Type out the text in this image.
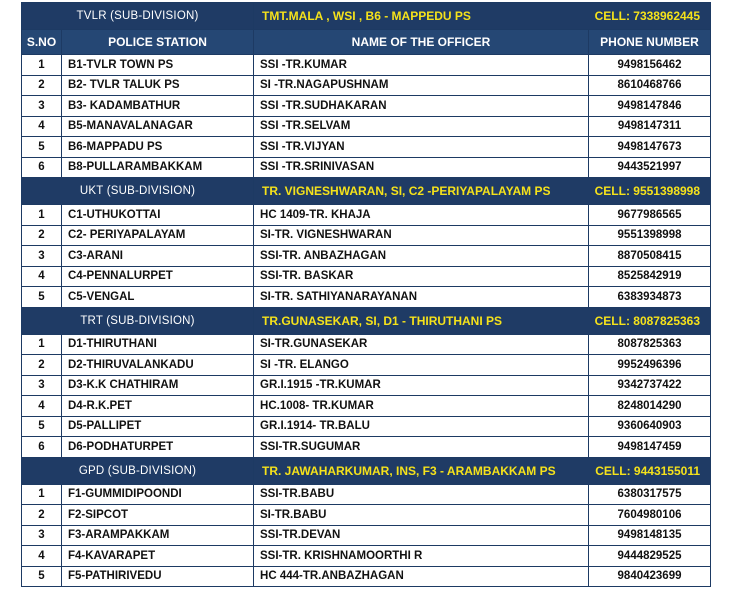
TVLR (SUB-DIVISION)		TMT.MALA , WSI , B6 - MAPPEDU PS CELL: 7338962445	

S.NO	POLICE STATION	NAME OF THE OFFICER	PHONE NUMBER
1	B1-TVLR TOWN PS	SSI -TR.KUMAR	9498156462
2	B2- TVLR TALUK PS	SI -TR.NAGAPUSHNAM	8610468766
3	B3- KADAMBATHUR	SSI -TR.SUDHAKARAN	9498147846
4	B5-MANAVALANAGAR	SSI -TR.SELVAM	9498147311
5	B6-MAPPADU PS	SSI -TR.VIJYAN	9498147673
6	B8-PULLARAMBAKKAM	SSI -TR.SRINIVASAN	9443521997
UKT (SUB-DIVISION)		TR. VIGNESHWARAN, SI, C2 -PERIYAPALAYAM PS CELL: 9551398998	

1	C1-UTHUKOTTAI	HC 1409-TR. KHAJA	9677986565
2	C2- PERIYAPALAYAM	SI-TR. VIGNESHWARAN	9551398998
3	C3-ARANI	SSI-TR. ANBAZHAGAN	8870508415
4	C4-PENNALURPET	SSI-TR. BASKAR	8525842919
5	C5-VENGAL	SI-TR. SATHIYANARAYANAN	6383934873
TRT (SUB-DIVISION)		TR.GUNASEKAR, SI, D1 - THIRUTHANI PS CELL: 8087825363	

1	D1-THIRUTHANI	SI-TR.GUNASEKAR	8087825363
2	D2-THIRUVALANKADU	SI -TR. ELANGO	9952496396
3	D3-K.K CHATHIRAM	GR.I.1915 -TR.KUMAR	9342737422
4	D4-R.K.PET	HC.1008- TR.KUMAR	8248014290
5	D5-PALLIPET	GR.I.1914- TR.BALU	9360640903
6	D6-PODHATURPET	SSI-TR.SUGUMAR	9498147459
GPD (SUB-DIVISION)		TR. JAWAHARKUMAR, INS, F3 - ARAMBAKKAM PS CELL: 9443155011	

1	F1-GUMMIDIPOONDI	SSI-TR.BABU	6380317575
2	F2-SIPCOT	SI-TR.BABU	7604980106
3	F3-ARAMPAKKAM	SSI-TR.DEVAN	9498148135
4	F4-KAVARAPET	SSI-TR. KRISHNAMOORTHI R	9444829525
5	F5-PATHIRIVEDU	HC 444-TR.ANBAZHAGAN	9840423699
